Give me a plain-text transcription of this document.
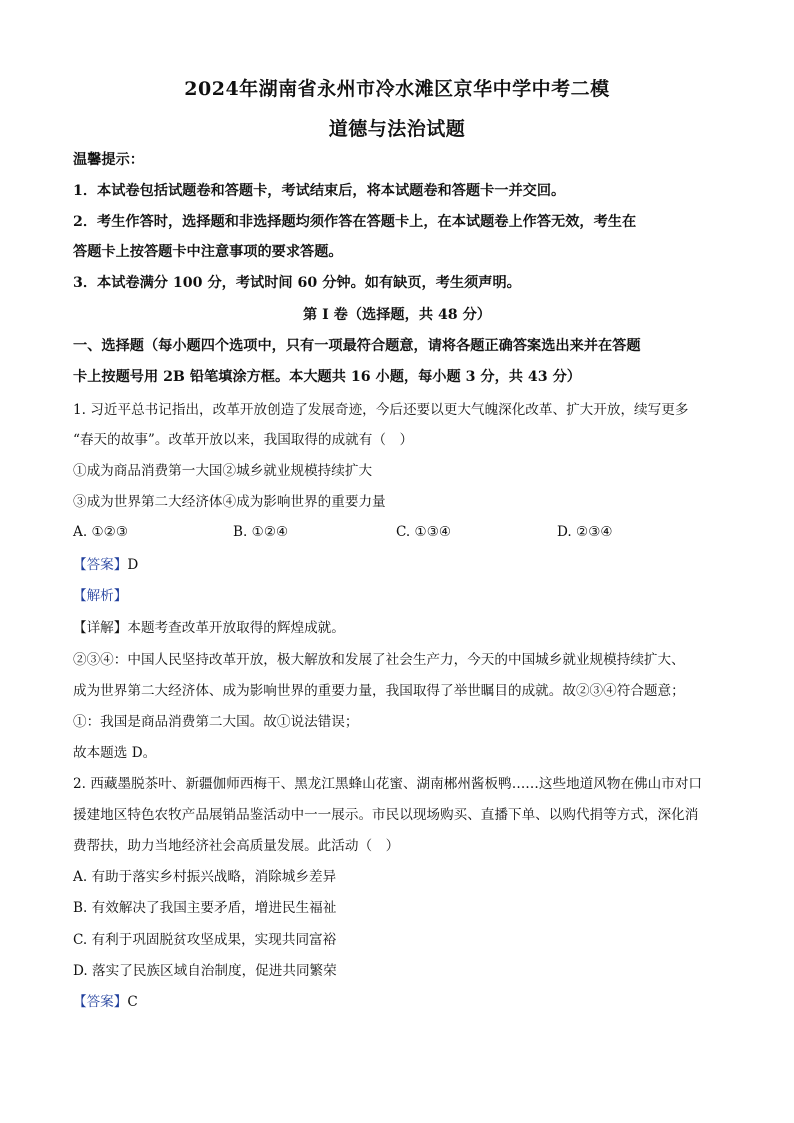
2024年湖南省永州市冷水滩区京华中学中考二模
道德与法治试题
温馨提示：
1．本试卷包括试题卷和答题卡，考试结束后，将本试题卷和答题卡一并交回。
2．考生作答时，选择题和非选择题均须作答在答题卡上，在本试题卷上作答无效，考生在
答题卡上按答题卡中注意事项的要求答题。
3．本试卷满分 100 分，考试时间 60 分钟。如有缺页，考生须声明。
第 I 卷（选择题，共 48 分）
一、选择题（每小题四个选项中，只有一项最符合题意，请将各题正确答案选出来并在答题
卡上按题号用 2B 铅笔填涂方框。本大题共 16 小题，每小题 3 分，共 43 分）
1. 习近平总书记指出，改革开放创造了发展奇迹，今后还要以更大气魄深化改革、扩大开放，续写更多
“春天的故事”。改革开放以来，我国取得的成就有（　）
①成为商品消费第一大国②城乡就业规模持续扩大
③成为世界第二大经济体④成为影响世界的重要力量
A. ①②③	B. ①②④	C. ①③④	D. ②③④
【答案】D
【解析】
【详解】本题考查改革开放取得的辉煌成就。
②③④：中国人民坚持改革开放，极大解放和发展了社会生产力，今天的中国城乡就业规模持续扩大、
成为世界第二大经济体、成为影响世界的重要力量，我国取得了举世瞩目的成就。故②③④符合题意；
①：我国是商品消费第二大国。故①说法错误；
故本题选 D。
2. 西藏墨脱茶叶、新疆伽师西梅干、黑龙江黑蜂山花蜜、湖南郴州酱板鸭……这些地道风物在佛山市对口
援建地区特色农牧产品展销品鉴活动中一一展示。市民以现场购买、直播下单、以购代捐等方式，深化消
费帮扶，助力当地经济社会高质量发展。此活动（　）
A. 有助于落实乡村振兴战略，消除城乡差异
B. 有效解决了我国主要矛盾，增进民生福祉
C. 有利于巩固脱贫攻坚成果，实现共同富裕
D. 落实了民族区域自治制度，促进共同繁荣
【答案】C
